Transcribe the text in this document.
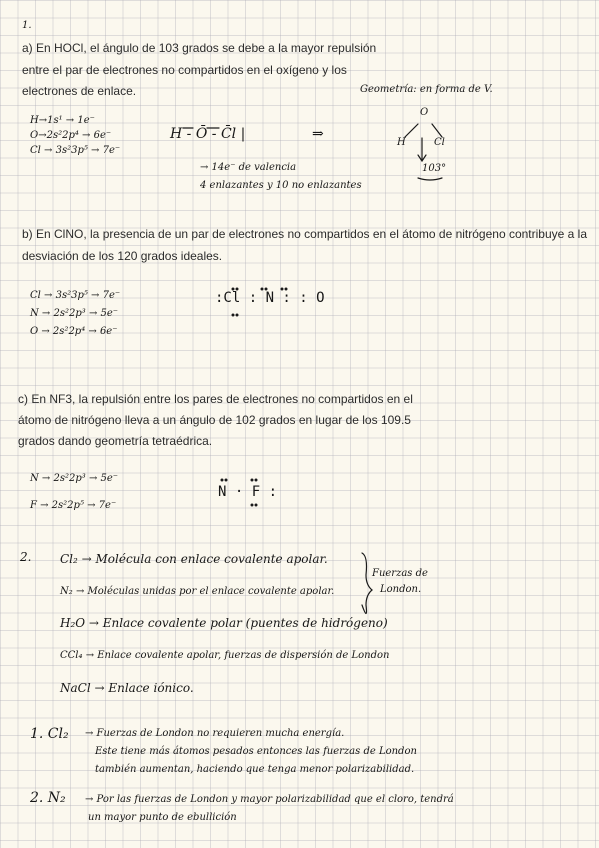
1.
a) En HOCl, el ángulo de 103 grados se debe a la mayor repulsión
entre el par de electrones no compartidos en el oxígeno y los
electrones de enlace.	Geometría: en forma de V.
H→1s¹ → 1e⁻
O→2s²2p⁴ → 6e⁻
Cl → 3s²3p⁵ → 7e⁻
H - Ō - C̄l |	⇒
→ 14e⁻ de valencia
4 enlazantes y 10 no enlazantes
O
H	Cl
103°
b) En ClNO, la presencia de un par de electrones no compartidos en el átomo de nitrógeno contribuye a la
desviación de los 120 grados ideales.
Cl → 3s²3p⁵ → 7e⁻
N → 2s²2p³ → 5e⁻
O → 2s²2p⁴ → 6e⁻
:Cl : N : : O
c) En NF3, la repulsión entre los pares de electrones no compartidos en el
átomo de nitrógeno lleva a un ángulo de 102 grados en lugar de los 109.5
grados dando geometría tetraédrica.
N → 2s²2p³ → 5e⁻
F → 2s²2p⁵ → 7e⁻
N · F :
2. Cl₂ → Molécula con enlace covalente apolar.
N₂ → Moléculas unidas por el enlace covalente apolar.
Fuerzas de
London.
H₂O → Enlace covalente polar (puentes de hidrógeno)
CCl₄ → Enlace covalente apolar, fuerzas de dispersión de London
NaCl → Enlace iónico.
1. Cl₂ → Fuerzas de London no requieren mucha energía.
Este tiene más átomos pesados entonces las fuerzas de London
también aumentan, haciendo que tenga menor polarizabilidad.
2. N₂ → Por las fuerzas de London y mayor polarizabilidad que el cloro, tendrá
un mayor punto de ebullición
